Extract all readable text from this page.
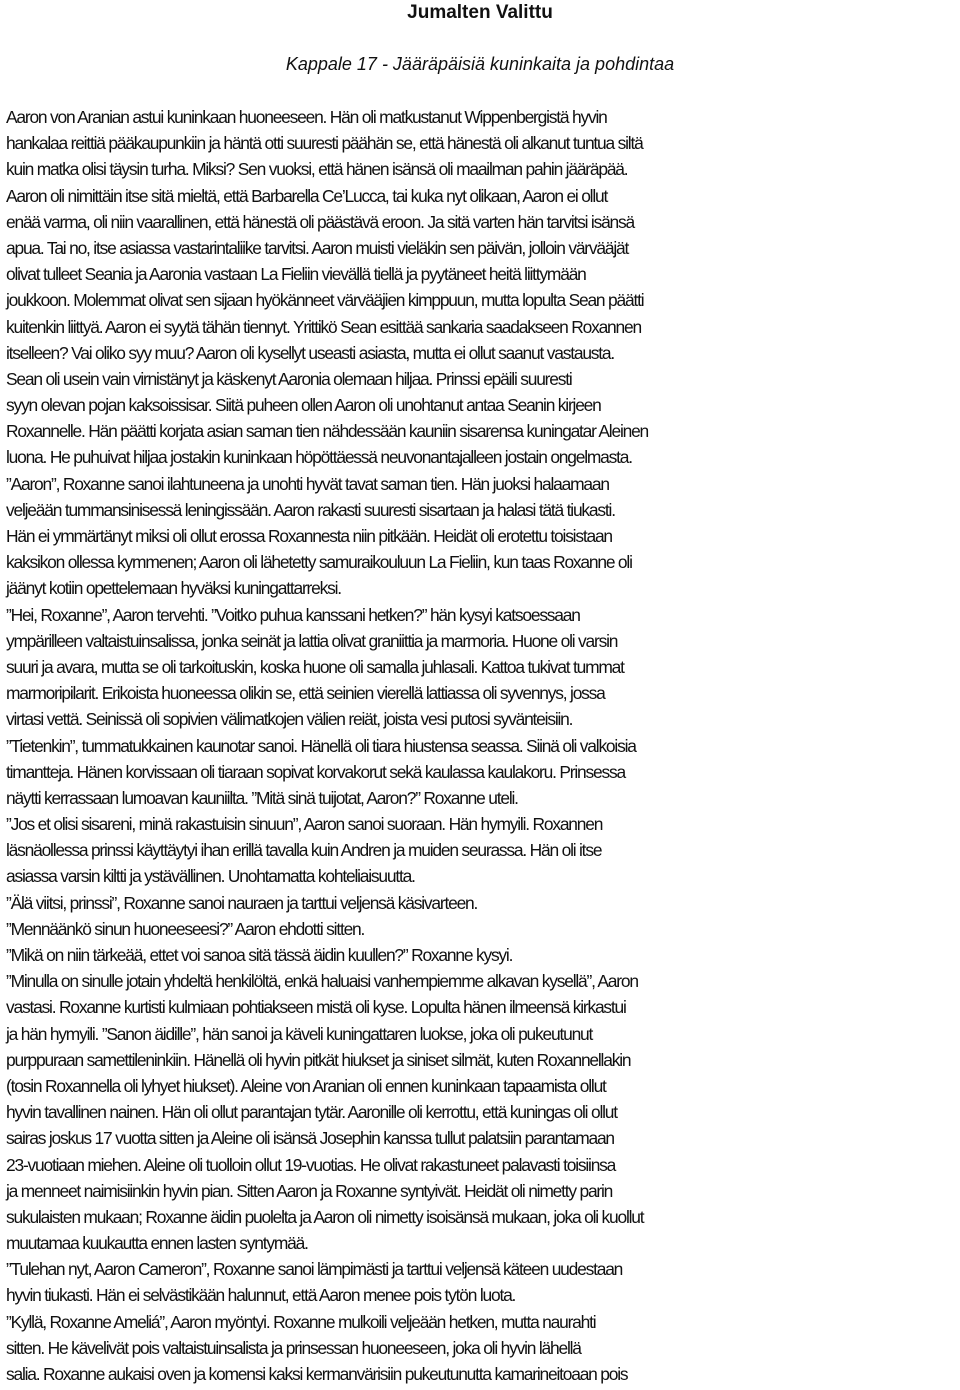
Jumalten Valittu
Kappale 17 - Jääräpäisiä kuninkaita ja pohdintaa
Aaron von Aranian astui kuninkaan huoneeseen. Hän oli matkustanut Wippenbergistä hyvin
hankalaa reittiä pääkaupunkiin ja häntä otti suuresti päähän se, että hänestä oli alkanut tuntua siltä
kuin matka olisi täysin turha. Miksi? Sen vuoksi, että hänen isänsä oli maailman pahin jääräpää.
Aaron oli nimittäin itse sitä mieltä, että Barbarella Ce’Lucca, tai kuka nyt olikaan, Aaron ei ollut
enää varma, oli niin vaarallinen, että hänestä oli päästävä eroon. Ja sitä varten hän tarvitsi isänsä
apua. Tai no, itse asiassa vastarintaliike tarvitsi. Aaron muisti vieläkin sen päivän, jolloin värvääjät
olivat tulleet Seania ja Aaronia vastaan La Fieliin vievällä tiellä ja pyytäneet heitä liittymään
joukkoon. Molemmat olivat sen sijaan hyökänneet värvääjien kimppuun, mutta lopulta Sean päätti
kuitenkin liittyä. Aaron ei syytä tähän tiennyt. Yrittikö Sean esittää sankaria saadakseen Roxannen
itselleen? Vai oliko syy muu? Aaron oli kysellyt useasti asiasta, mutta ei ollut saanut vastausta.
Sean oli usein vain virnistänyt ja käskenyt Aaronia olemaan hiljaa. Prinssi epäili suuresti
syyn olevan pojan kaksoissisar. Siitä puheen ollen Aaron oli unohtanut antaa Seanin kirjeen
Roxannelle. Hän päätti korjata asian saman tien nähdessään kauniin sisarensa kuningatar Aleinen
luona. He puhuivat hiljaa jostakin kuninkaan höpöttäessä neuvonantajalleen jostain ongelmasta.
”Aaron”, Roxanne sanoi ilahtuneena ja unohti hyvät tavat saman tien. Hän juoksi halaamaan
veljeään tummansinisessä leningissään. Aaron rakasti suuresti sisartaan ja halasi tätä tiukasti.
Hän ei ymmärtänyt miksi oli ollut erossa Roxannesta niin pitkään. Heidät oli erotettu toisistaan
kaksikon ollessa kymmenen; Aaron oli lähetetty samuraikouluun La Fieliin, kun taas Roxanne oli
jäänyt kotiin opettelemaan hyväksi kuningattarreksi.
”Hei, Roxanne”, Aaron tervehti. ”Voitko puhua kanssani hetken?” hän kysyi katsoessaan
ympärilleen valtaistuinsalissa, jonka seinät ja lattia olivat graniittia ja marmoria. Huone oli varsin
suuri ja avara, mutta se oli tarkoituskin, koska huone oli samalla juhlasali. Kattoa tukivat tummat
marmoripilarit. Erikoista huoneessa olikin se, että seinien vierellä lattiassa oli syvennys, jossa
virtasi vettä. Seinissä oli sopivien välimatkojen välien reiät, joista vesi putosi syvänteisiin.
”Tietenkin”, tummatukkainen kaunotar sanoi. Hänellä oli tiara hiustensa seassa. Siinä oli valkoisia
timantteja. Hänen korvissaan oli tiaraan sopivat korvakorut sekä kaulassa kaulakoru. Prinsessa
näytti kerrassaan lumoavan kauniilta. ”Mitä sinä tuijotat, Aaron?” Roxanne uteli.
”Jos et olisi sisareni, minä rakastuisin sinuun”, Aaron sanoi suoraan. Hän hymyili. Roxannen
läsnäollessa prinssi käyttäytyi ihan erillä tavalla kuin Andren ja muiden seurassa. Hän oli itse
asiassa varsin kiltti ja ystävällinen. Unohtamatta kohteliaisuutta.
”Älä viitsi, prinssi”, Roxanne sanoi nauraen ja tarttui veljensä käsivarteen.
”Mennäänkö sinun huoneeseesi?” Aaron ehdotti sitten.
”Mikä on niin tärkeää, ettet voi sanoa sitä tässä äidin kuullen?” Roxanne kysyi.
”Minulla on sinulle jotain yhdeltä henkilöltä, enkä haluaisi vanhempiemme alkavan kysellä”, Aaron
vastasi. Roxanne kurtisti kulmiaan pohtiakseen mistä oli kyse. Lopulta hänen ilmeensä kirkastui
ja hän hymyili. ”Sanon äidille”, hän sanoi ja käveli kuningattaren luokse, joka oli pukeutunut
purppuraan samettileninkiin. Hänellä oli hyvin pitkät hiukset ja siniset silmät, kuten Roxannellakin
(tosin Roxannella oli lyhyet hiukset). Aleine von Aranian oli ennen kuninkaan tapaamista ollut
hyvin tavallinen nainen. Hän oli ollut parantajan tytär. Aaronille oli kerrottu, että kuningas oli ollut
sairas joskus 17 vuotta sitten ja Aleine oli isänsä Josephin kanssa tullut palatsiin parantamaan
23-vuotiaan miehen. Aleine oli tuolloin ollut 19-vuotias. He olivat rakastuneet palavasti toisiinsa
ja menneet naimisiinkin hyvin pian. Sitten Aaron ja Roxanne syntyivät. Heidät oli nimetty parin
sukulaisten mukaan; Roxanne äidin puolelta ja Aaron oli nimetty isoisänsä mukaan, joka oli kuollut
muutamaa kuukautta ennen lasten syntymää.
”Tulehan nyt, Aaron Cameron”, Roxanne sanoi lämpimästi ja tarttui veljensä käteen uudestaan
hyvin tiukasti. Hän ei selvästikään halunnut, että Aaron menee pois tytön luota.
”Kyllä, Roxanne Ameliá”, Aaron myöntyi. Roxanne mulkoili veljeään hetken, mutta naurahti
sitten. He kävelivät pois valtaistuinsalista ja prinsessan huoneeseen, joka oli hyvin lähellä
salia. Roxanne aukaisi oven ja komensi kaksi kermanvärisiin pukeutunutta kamarineitoaan pois
